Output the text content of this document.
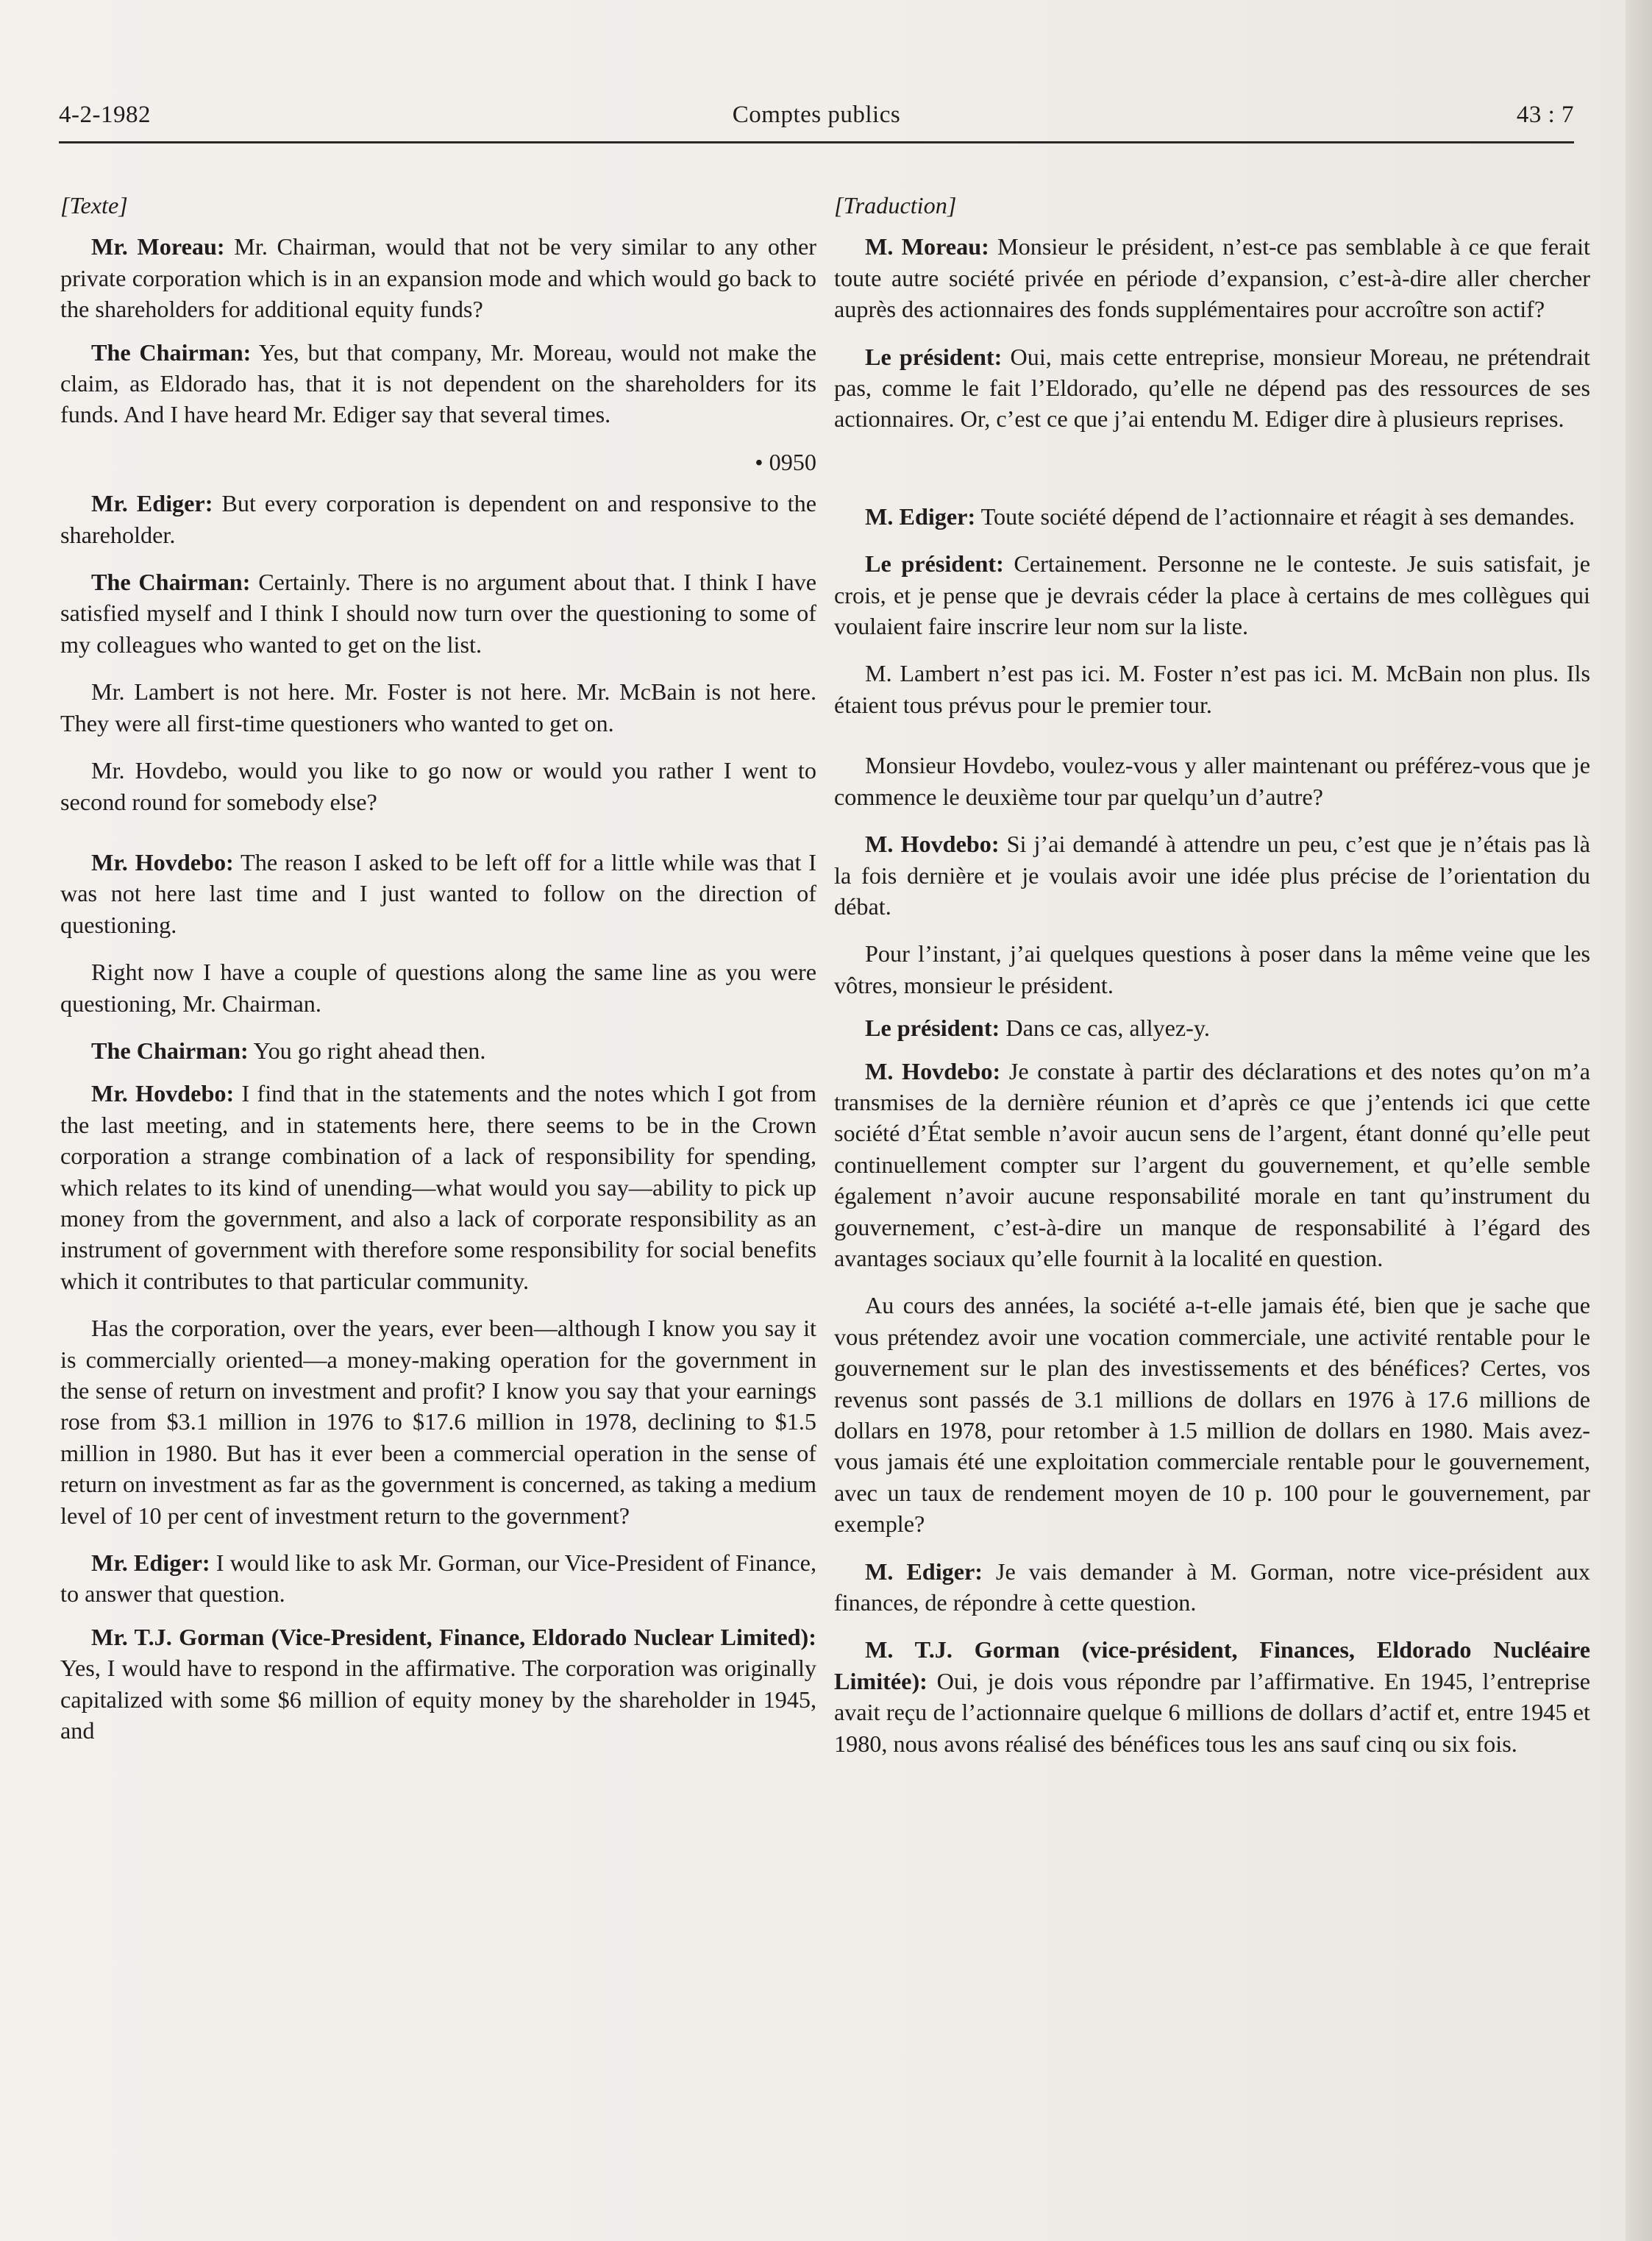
4-2-1982	Comptes publics	43 : 7

[Texte]

Mr. Moreau: Mr. Chairman, would that not be very similar to any other private corporation which is in an expansion mode and which would go back to the shareholders for additional equity funds?

The Chairman: Yes, but that company, Mr. Moreau, would not make the claim, as Eldorado has, that it is not dependent on the shareholders for its funds. And I have heard Mr. Ediger say that several times.

• 0950

Mr. Ediger: But every corporation is dependent on and responsive to the shareholder.

The Chairman: Certainly. There is no argument about that. I think I have satisfied myself and I think I should now turn over the questioning to some of my colleagues who wanted to get on the list.

Mr. Lambert is not here. Mr. Foster is not here. Mr. McBain is not here. They were all first-time questioners who wanted to get on.

Mr. Hovdebo, would you like to go now or would you rather I went to second round for somebody else?

Mr. Hovdebo: The reason I asked to be left off for a little while was that I was not here last time and I just wanted to follow on the direction of questioning.

Right now I have a couple of questions along the same line as you were questioning, Mr. Chairman.

The Chairman: You go right ahead then.

Mr. Hovdebo: I find that in the statements and the notes which I got from the last meeting, and in statements here, there seems to be in the Crown corporation a strange combination of a lack of responsibility for spending, which relates to its kind of unending—what would you say—ability to pick up money from the government, and also a lack of corporate responsibility as an instrument of government with therefore some responsibility for social benefits which it contributes to that particular community.

Has the corporation, over the years, ever been—although I know you say it is commercially oriented—a money-making operation for the government in the sense of return on investment and profit? I know you say that your earnings rose from $3.1 million in 1976 to $17.6 million in 1978, declining to $1.5 million in 1980. But has it ever been a commercial operation in the sense of return on investment as far as the government is concerned, as taking a medium level of 10 per cent of investment return to the government?

Mr. Ediger: I would like to ask Mr. Gorman, our Vice-President of Finance, to answer that question.

Mr. T.J. Gorman (Vice-President, Finance, Eldorado Nuclear Limited): Yes, I would have to respond in the affirmative. The corporation was originally capitalized with some $6 million of equity money by the shareholder in 1945, and

[Traduction]

M. Moreau: Monsieur le président, n’est-ce pas semblable à ce que ferait toute autre société privée en période d’expansion, c’est-à-dire aller chercher auprès des actionnaires des fonds supplémentaires pour accroître son actif?

Le président: Oui, mais cette entreprise, monsieur Moreau, ne prétendrait pas, comme le fait l’Eldorado, qu’elle ne dépend pas des ressources de ses actionnaires. Or, c’est ce que j’ai entendu M. Ediger dire à plusieurs reprises.

M. Ediger: Toute société dépend de l’actionnaire et réagit à ses demandes.

Le président: Certainement. Personne ne le conteste. Je suis satisfait, je crois, et je pense que je devrais céder la place à certains de mes collègues qui voulaient faire inscrire leur nom sur la liste.

M. Lambert n’est pas ici. M. Foster n’est pas ici. M. McBain non plus. Ils étaient tous prévus pour le premier tour.

Monsieur Hovdebo, voulez-vous y aller maintenant ou préférez-vous que je commence le deuxième tour par quelqu’un d’autre?

M. Hovdebo: Si j’ai demandé à attendre un peu, c’est que je n’étais pas là la fois dernière et je voulais avoir une idée plus précise de l’orientation du débat.

Pour l’instant, j’ai quelques questions à poser dans la même veine que les vôtres, monsieur le président.

Le président: Dans ce cas, allyez-y.

M. Hovdebo: Je constate à partir des déclarations et des notes qu’on m’a transmises de la dernière réunion et d’après ce que j’entends ici que cette société d’État semble n’avoir aucun sens de l’argent, étant donné qu’elle peut continuellement compter sur l’argent du gouvernement, et qu’elle semble également n’avoir aucune responsabilité morale en tant qu’instrument du gouvernement, c’est-à-dire un manque de responsabilité à l’égard des avantages sociaux qu’elle fournit à la localité en question.

Au cours des années, la société a-t-elle jamais été, bien que je sache que vous prétendez avoir une vocation commerciale, une activité rentable pour le gouvernement sur le plan des investissements et des bénéfices? Certes, vos revenus sont passés de 3.1 millions de dollars en 1976 à 17.6 millions de dollars en 1978, pour retomber à 1.5 million de dollars en 1980. Mais avez-vous jamais été une exploitation commerciale rentable pour le gouvernement, avec un taux de rendement moyen de 10 p. 100 pour le gouvernement, par exemple?

M. Ediger: Je vais demander à M. Gorman, notre vice-président aux finances, de répondre à cette question.

M. T.J. Gorman (vice-président, Finances, Eldorado Nucléaire Limitée): Oui, je dois vous répondre par l’affirmative. En 1945, l’entreprise avait reçu de l’actionnaire quelque 6 millions de dollars d’actif et, entre 1945 et 1980, nous avons réalisé des bénéfices tous les ans sauf cinq ou six fois.
